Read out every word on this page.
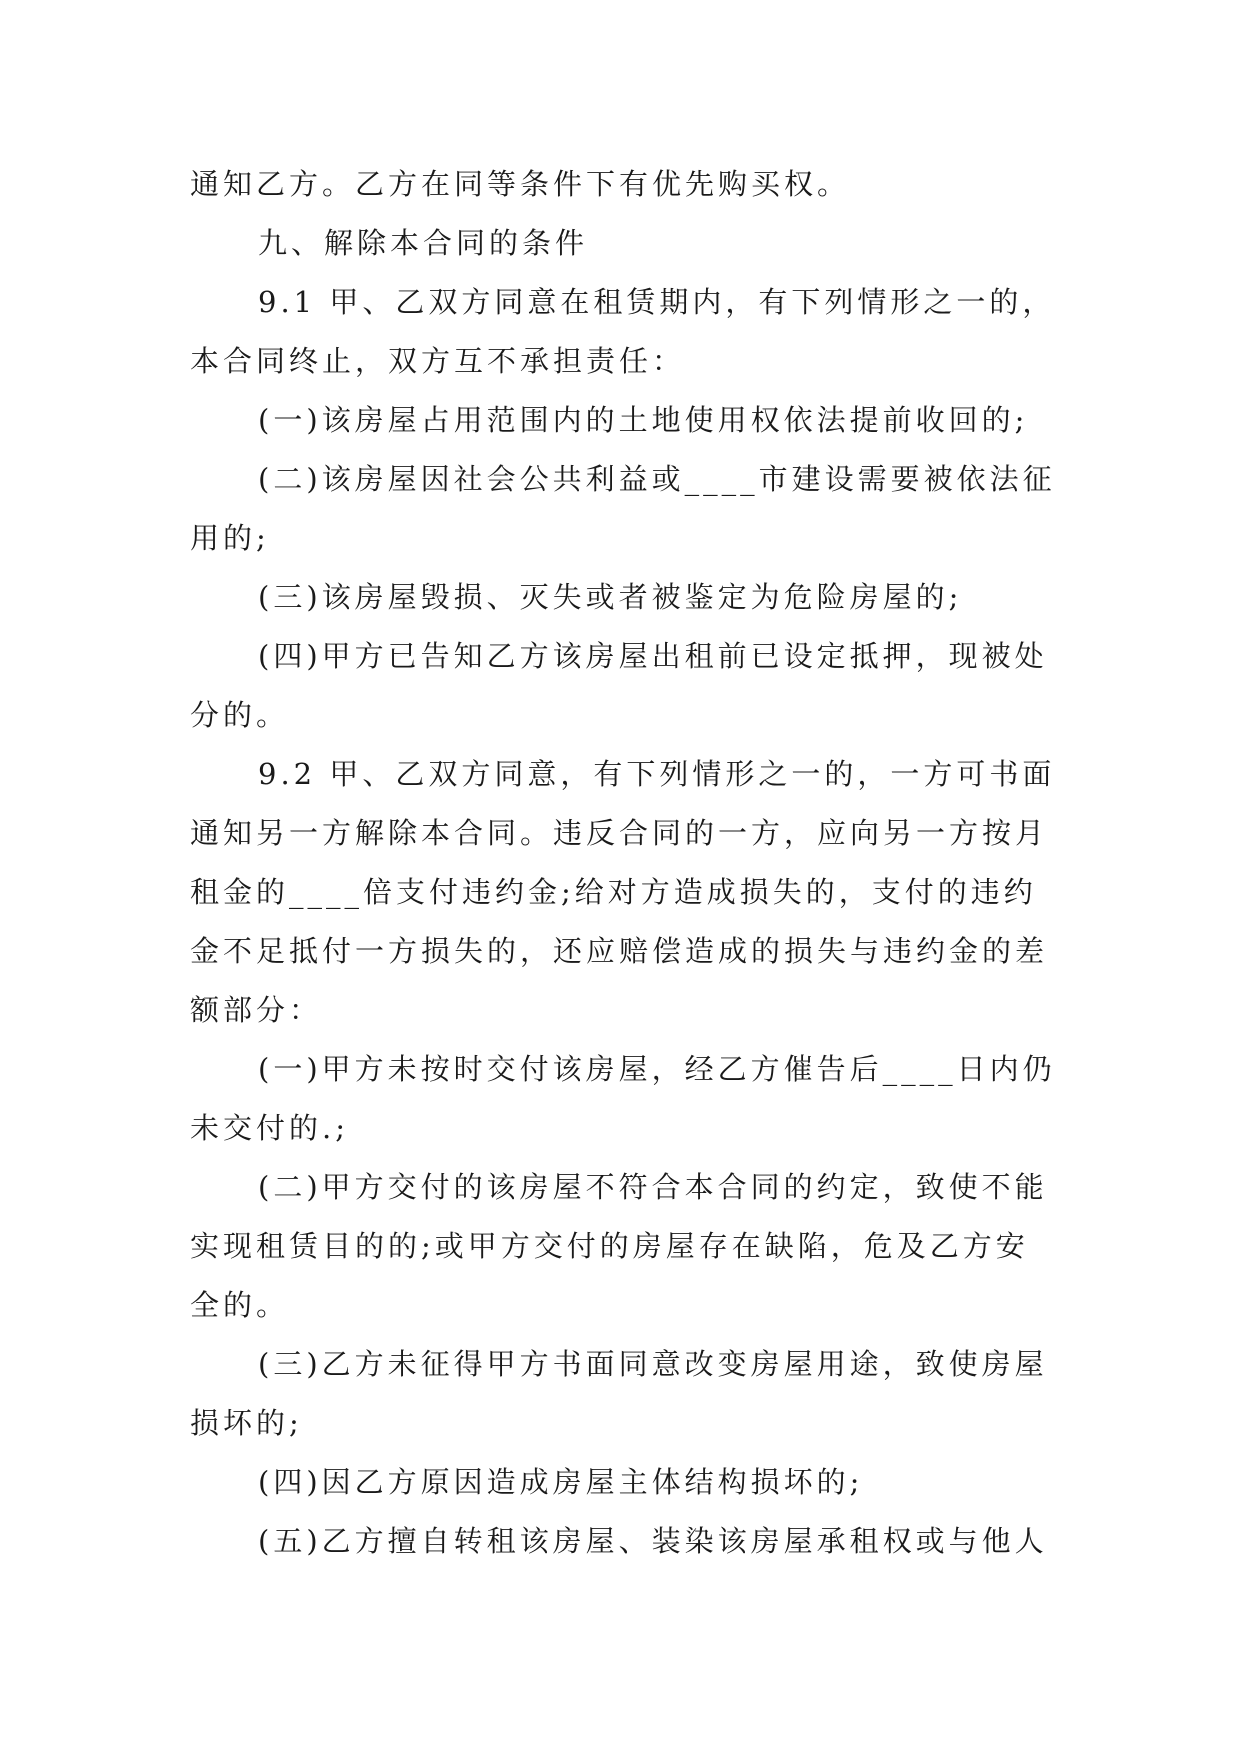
通知乙方。乙方在同等条件下有优先购买权。

九、解除本合同的条件

9.1 甲、乙双方同意在租赁期内，有下列情形之一的，

本合同终止，双方互不承担责任：

(一)该房屋占用范围内的土地使用权依法提前收回的;

(二)该房屋因社会公共利益或____市建设需要被依法征

用的;

(三)该房屋毁损、灭失或者被鉴定为危险房屋的;

(四)甲方已告知乙方该房屋出租前已设定抵押，现被处

分的。

9.2 甲、乙双方同意，有下列情形之一的，一方可书面

通知另一方解除本合同。违反合同的一方，应向另一方按月

租金的____倍支付违约金;给对方造成损失的，支付的违约

金不足抵付一方损失的，还应赔偿造成的损失与违约金的差

额部分：

(一)甲方未按时交付该房屋，经乙方催告后____日内仍

未交付的.;

(二)甲方交付的该房屋不符合本合同的约定，致使不能

实现租赁目的的;或甲方交付的房屋存在缺陷，危及乙方安

全的。

(三)乙方未征得甲方书面同意改变房屋用途，致使房屋

损坏的;

(四)因乙方原因造成房屋主体结构损坏的;

(五)乙方擅自转租该房屋、装染该房屋承租权或与他人
